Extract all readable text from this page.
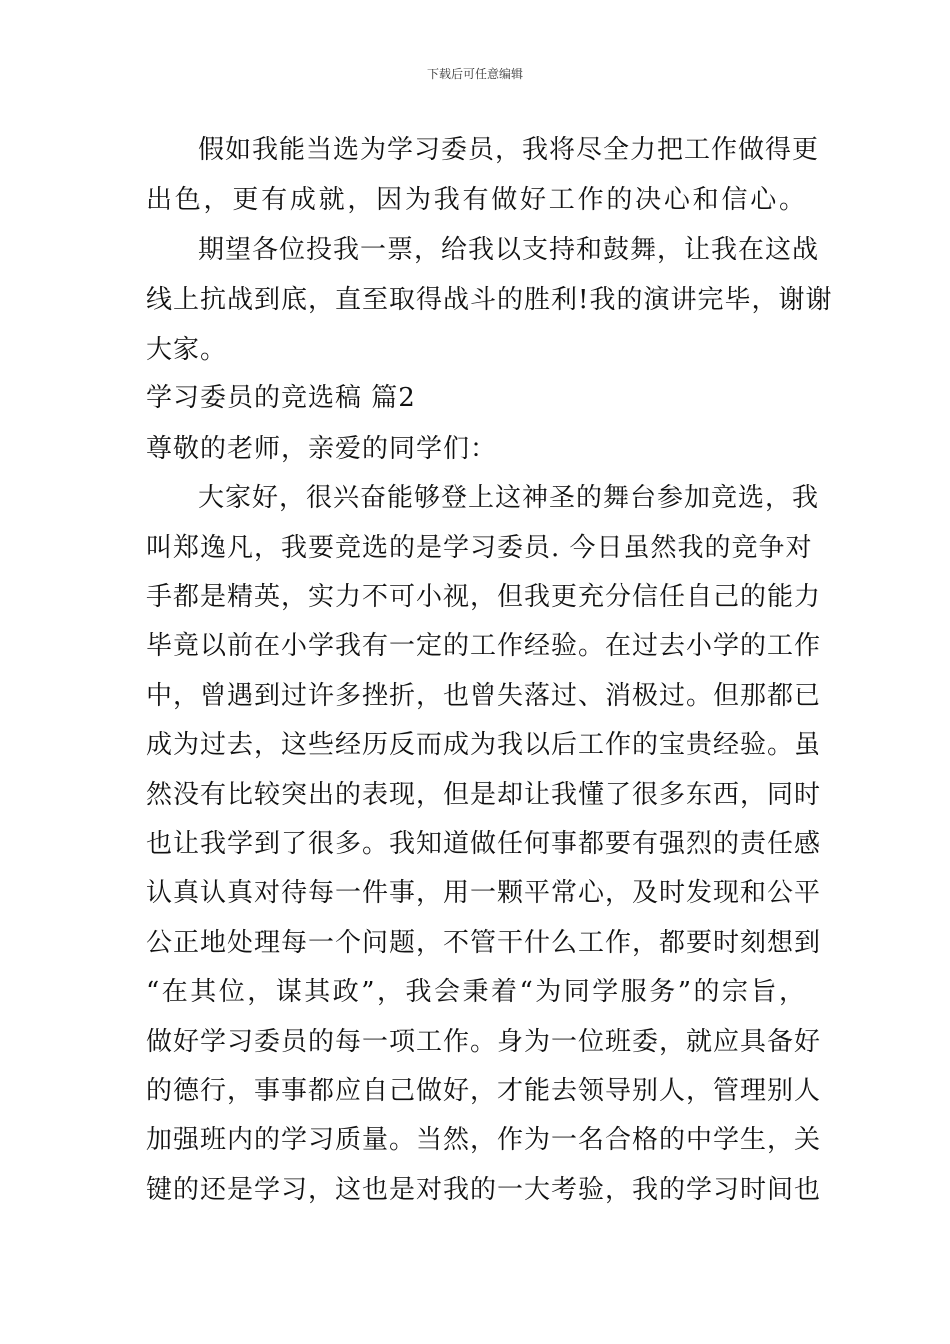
下载后可任意编辑
假如我能当选为学习委员，我将尽全力把工作做得更
出色，更有成就，因为我有做好工作的决心和信心。
期望各位投我一票，给我以支持和鼓舞，让我在这战
线上抗战到底，直至取得战斗的胜利!我的演讲完毕，谢谢
大家。
学习委员的竞选稿 篇2
尊敬的老师，亲爱的同学们：
大家好，很兴奋能够登上这神圣的舞台参加竞选，我
叫郑逸凡，我要竞选的是学习委员. 今日虽然我的竞争对
手都是精英，实力不可小视，但我更充分信任自己的能力
毕竟以前在小学我有一定的工作经验。在过去小学的工作
中，曾遇到过许多挫折，也曾失落过、消极过。但那都已
成为过去，这些经历反而成为我以后工作的宝贵经验。虽
然没有比较突出的表现，但是却让我懂了很多东西，同时
也让我学到了很多。我知道做任何事都要有强烈的责任感
认真认真对待每一件事，用一颗平常心，及时发现和公平
公正地处理每一个问题，不管干什么工作，都要时刻想到
“在其位，谋其政”，我会秉着“为同学服务”的宗旨，
做好学习委员的每一项工作。身为一位班委，就应具备好
的德行，事事都应自己做好，才能去领导别人，管理别人
加强班内的学习质量。当然，作为一名合格的中学生，关
键的还是学习，这也是对我的一大考验，我的学习时间也
